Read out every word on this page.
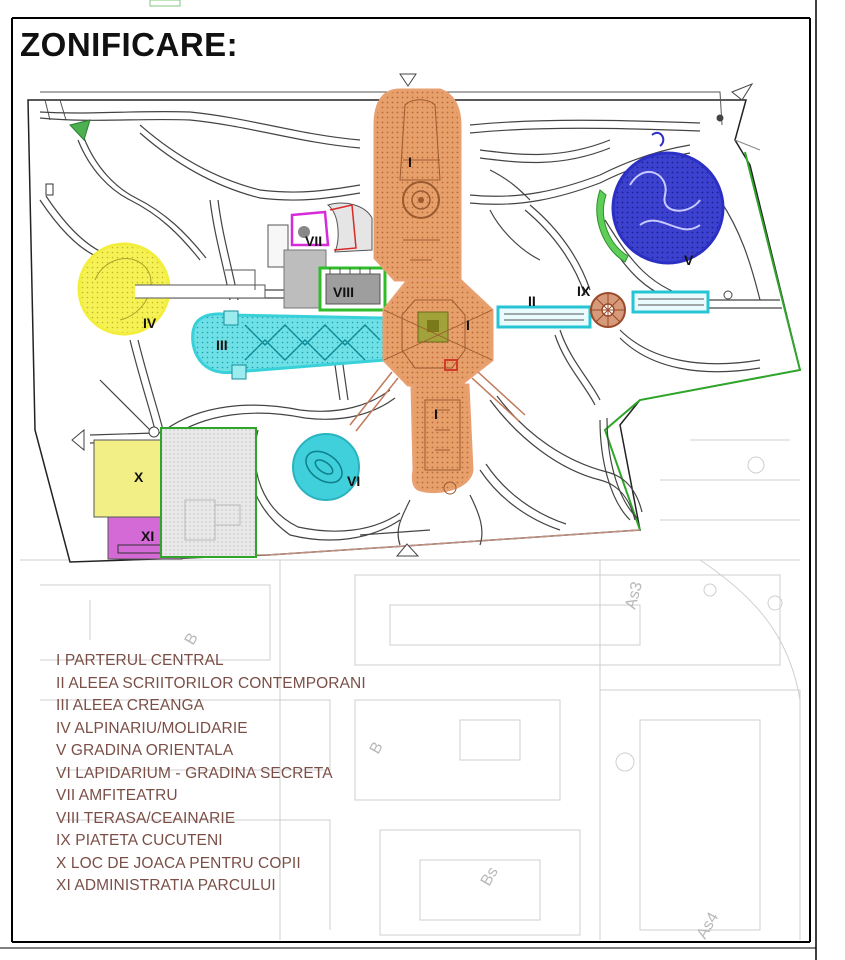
B
B
Bs
As3
As4
IV
III
VII
VIII
I
I
I
II
IX
V
VI
X
XI
ZONIFICARE:
I PARTERUL CENTRAL
II ALEEA SCRIITORILOR CONTEMPORANI
III ALEEA CREANGA
IV ALPINARIU/MOLIDARIE
V GRADINA ORIENTALA
VI LAPIDARIUM - GRADINA SECRETA
VII AMFITEATRU
VIII TERASA/CEAINARIE
IX PIATETA CUCUTENI
X LOC DE JOACA PENTRU COPII
XI ADMINISTRATIA PARCULUI
